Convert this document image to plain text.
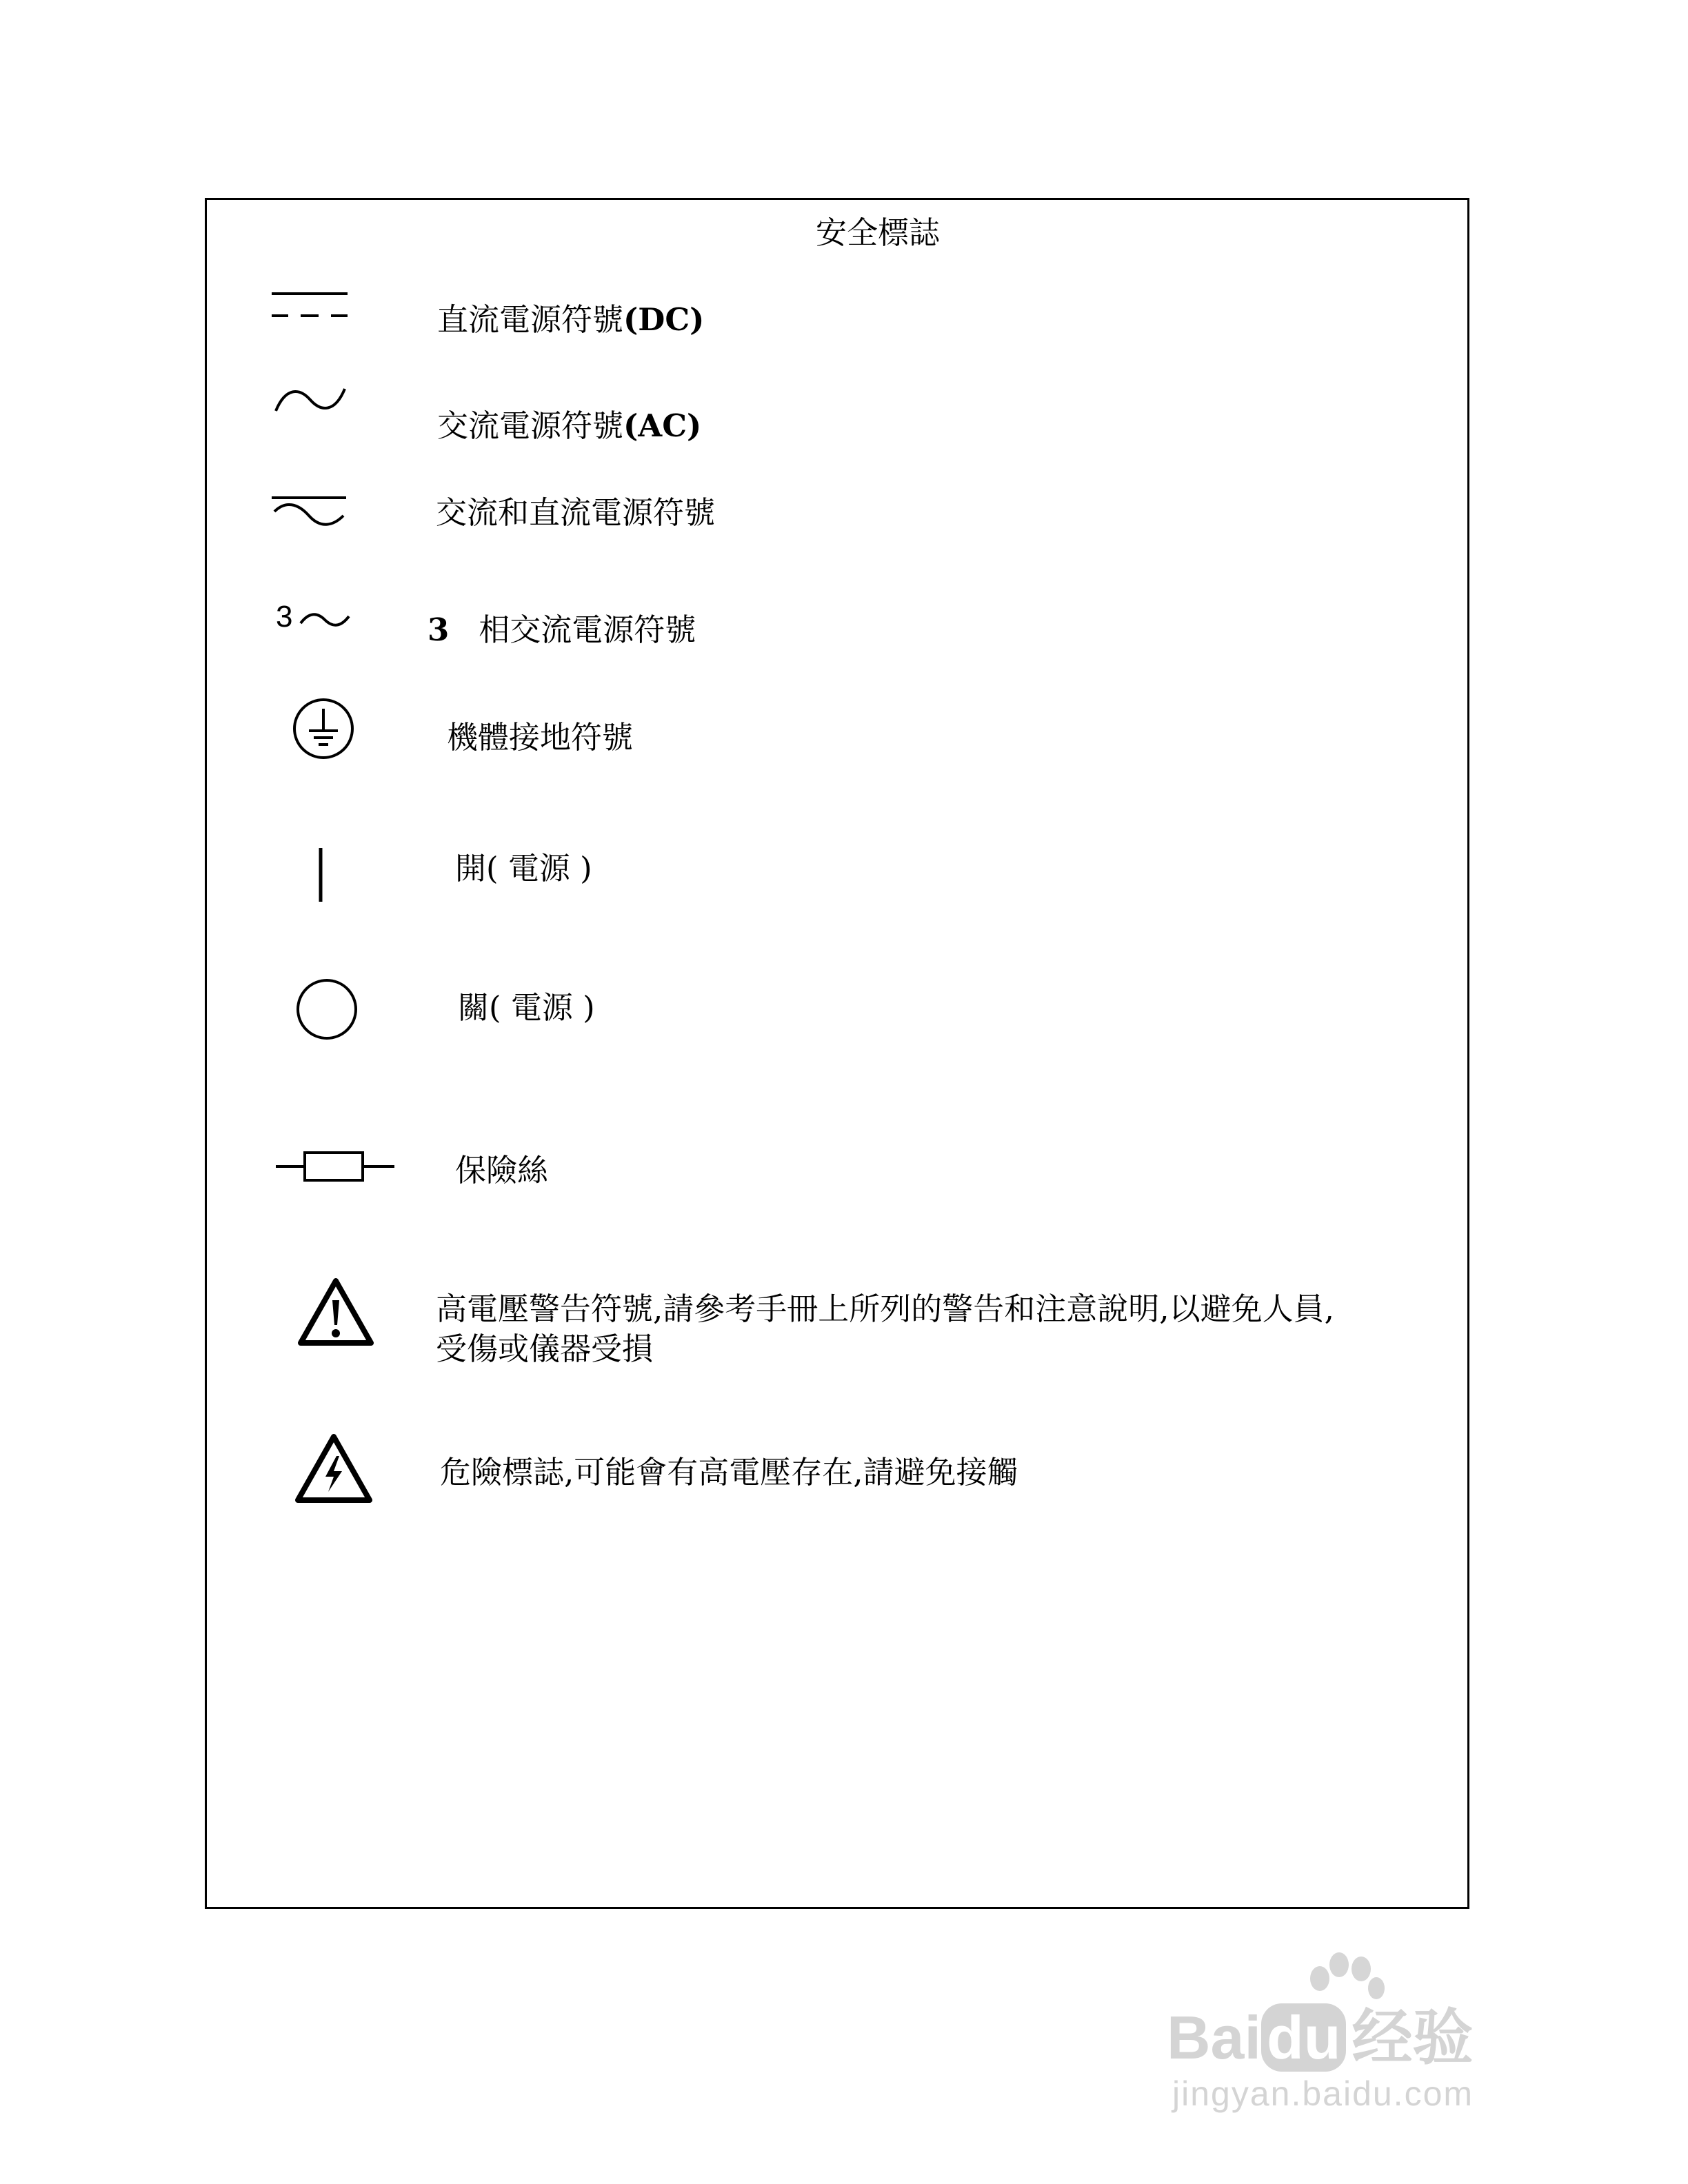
安全標誌
直流電源符號(DC)
交流電源符號(AC)
交流和直流電源符號
3	3 相交流電源符號
機體接地符號
開( 電源 )
關( 電源 )
保險絲
高電壓警告符號,請參考手冊上所列的警告和注意說明,以避免人員,
受傷或儀器受損
危險標誌,可能會有高電壓存在,請避免接觸
Baidu 经验
jingyan.baidu.com
